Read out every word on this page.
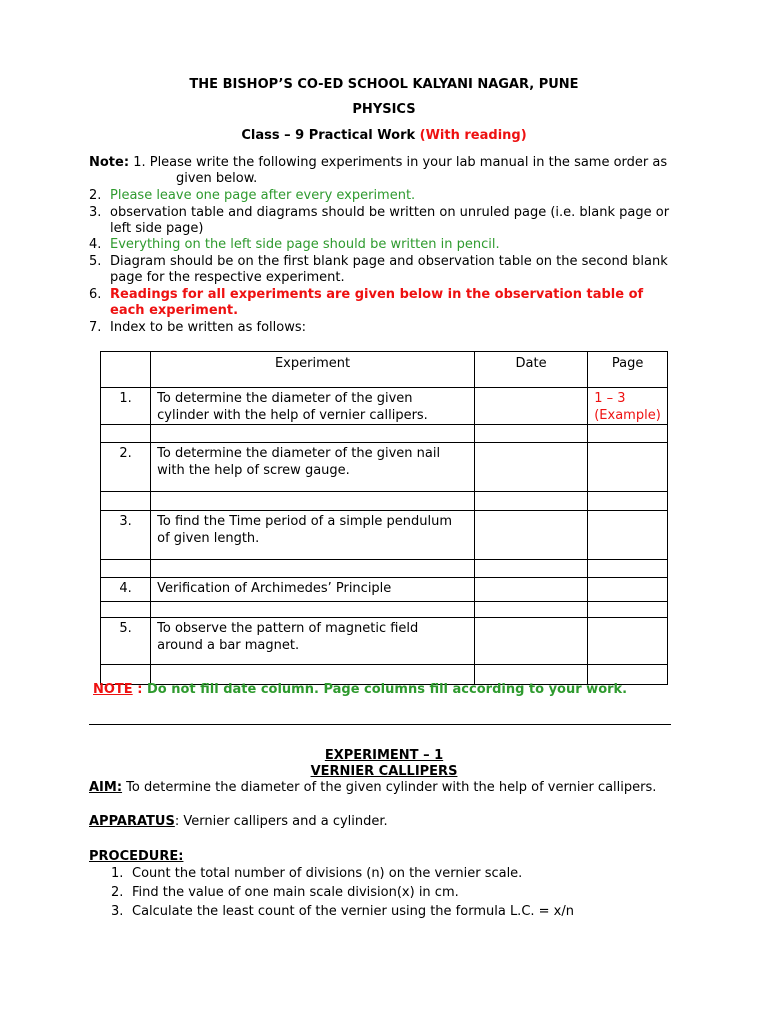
THE BISHOP’S CO-ED SCHOOL KALYANI NAGAR, PUNE
PHYSICS
Class – 9 Practical Work (With reading)
Note: 1. Please write the following experiments in your lab manual in the same order as
given below.
2. Please leave one page after every experiment.
3. observation table and diagrams should be written on unruled page (i.e. blank page or
left side page)
4. Everything on the left side page should be written in pencil.
5. Diagram should be on the first blank page and observation table on the second blank
page for the respective experiment.
6. Readings for all experiments are given below in the observation table of
each experiment.
7. Index to be written as follows:
	Experiment	Date	Page
1.	To determine the diameter of the given cylinder with the help of vernier callipers.		1 – 3
(Example)

2.	To determine the diameter of the given nail with the help of screw gauge.		

3.	To find the Time period of a simple pendulum of given length.		

4.	Verification of Archimedes’ Principle		

5.	To observe the pattern of magnetic field around a bar magnet.		

NOTE : Do not fill date column. Page columns fill according to your work.
EXPERIMENT – 1
VERNIER CALLIPERS
AIM: To determine the diameter of the given cylinder with the help of vernier callipers.
APPARATUS: Vernier callipers and a cylinder.
PROCEDURE:
1. Count the total number of divisions (n) on the vernier scale.
2. Find the value of one main scale division(x) in cm.
3. Calculate the least count of the vernier using the formula L.C. = x/n
